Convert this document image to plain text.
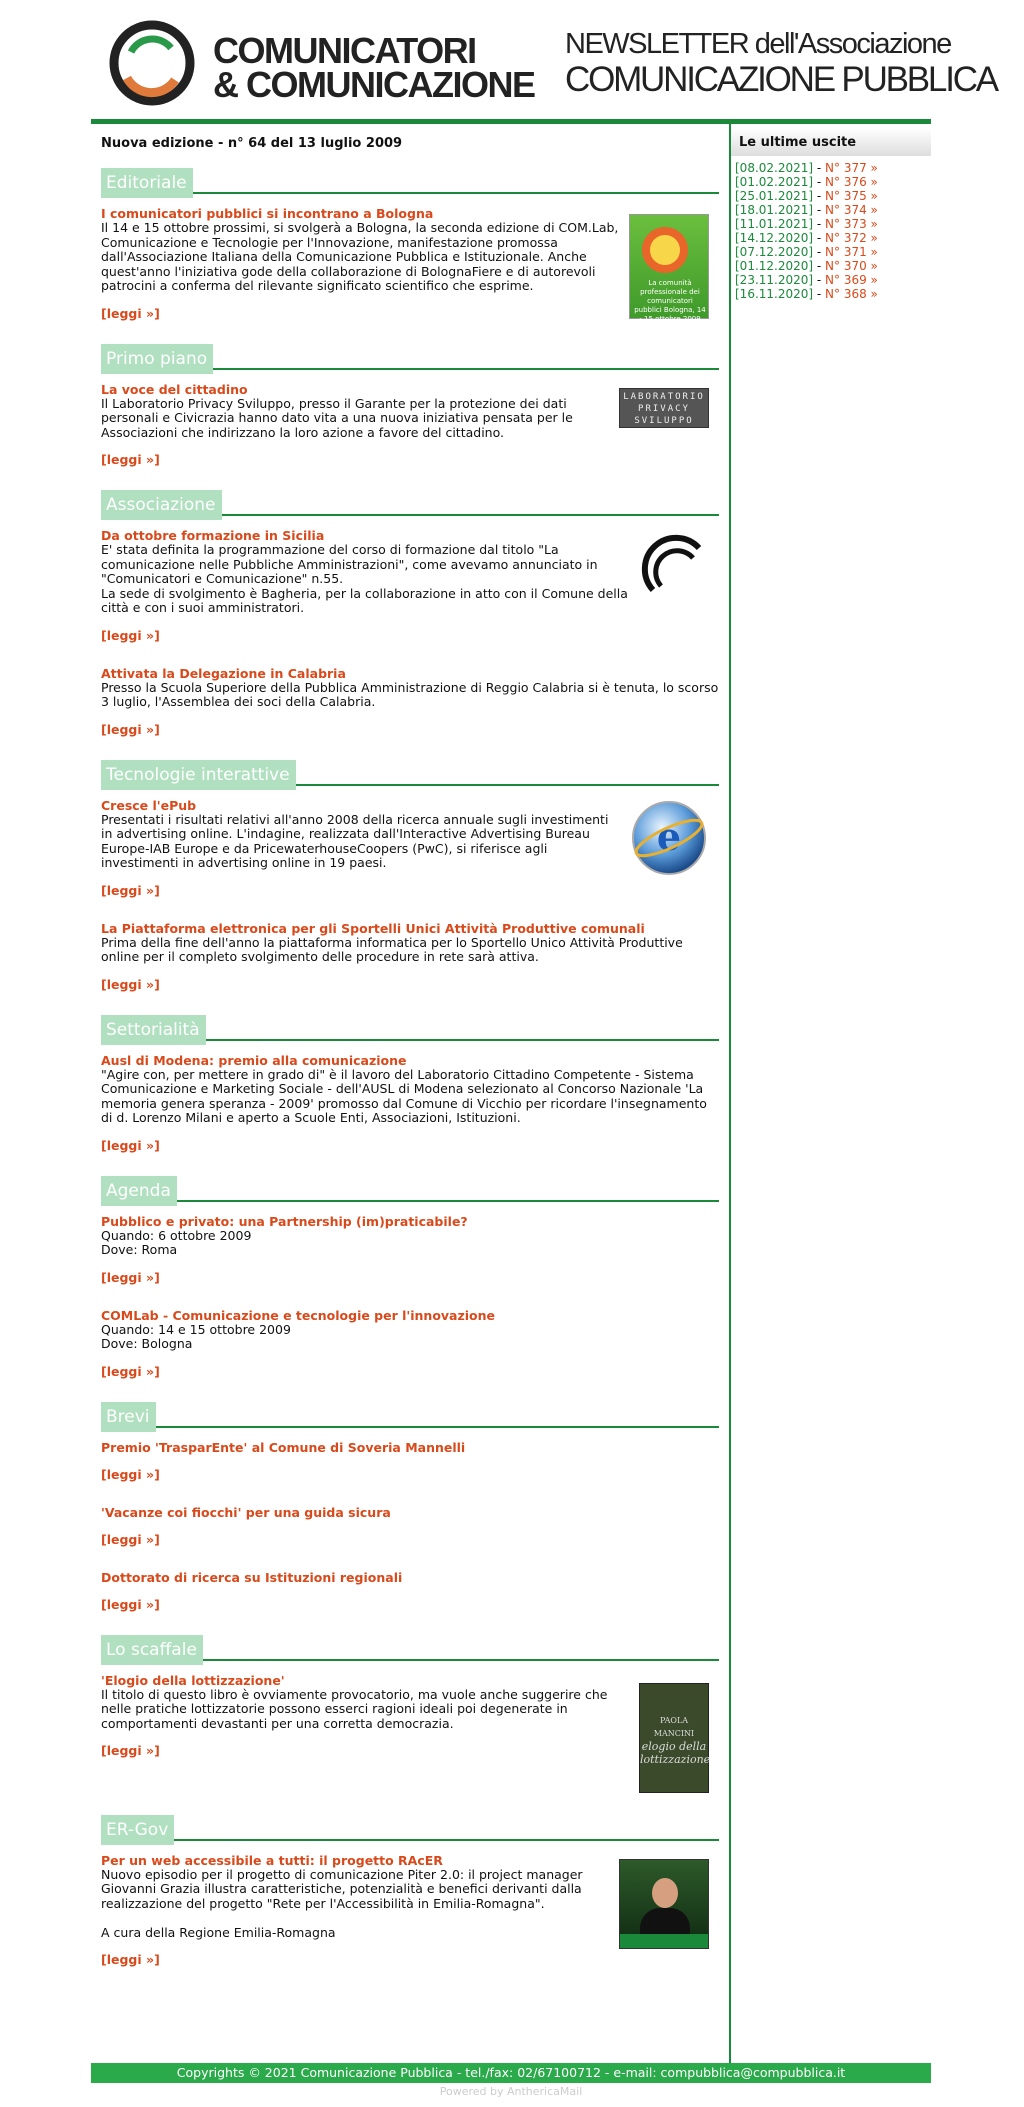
COMUNICATORI
& COMUNICAZIONE
NEWSLETTER dell'Associazione
COMUNICAZIONE PUBBLICA
Nuova edizione - n° 64 del 13 luglio 2009
Editoriale
La comunità professionale dei comunicatori pubblici Bologna, 14 - 15 ottobre 2009
I comunicatori pubblici si incontrano a Bologna
Il 14 e 15 ottobre prossimi, si svolgerà a Bologna, la seconda edizione di COM.Lab, Comunicazione e Tecnologie per l'Innovazione, manifestazione promossa dall'Associazione Italiana della Comunicazione Pubblica e Istituzionale. Anche quest'anno l'iniziativa gode della collaborazione di BolognaFiere e di autorevoli patrocini a conferma del rilevante significato scientifico che esprime.
[leggi »]
Primo piano
LABORATORIO
PRIVACY
SVILUPPO
La voce del cittadino
Il Laboratorio Privacy Sviluppo, presso il Garante per la protezione dei dati personali e Civicrazia hanno dato vita a una nuova iniziativa pensata per le Associazioni che indirizzano la loro azione a favore del cittadino.
[leggi »]
Associazione
Da ottobre formazione in Sicilia
E' stata definita la programmazione del corso di formazione dal titolo "La comunicazione nelle Pubbliche Amministrazioni", come avevamo annunciato in "Comunicatori e Comunicazione" n.55.
La sede di svolgimento è Bagheria, per la collaborazione in atto con il Comune della città e con i suoi amministratori.
[leggi »]
Attivata la Delegazione in Calabria
Presso la Scuola Superiore della Pubblica Amministrazione di Reggio Calabria si è tenuta, lo scorso 3 luglio, l'Assemblea dei soci della Calabria.
[leggi »]
Tecnologie interattive
e
Cresce l'ePub
Presentati i risultati relativi all'anno 2008 della ricerca annuale sugli investimenti in advertising online. L'indagine, realizzata dall'Interactive Advertising Bureau Europe-IAB Europe e da PricewaterhouseCoopers (PwC), si riferisce agli investimenti in advertising online in 19 paesi.
[leggi »]
La Piattaforma elettronica per gli Sportelli Unici Attività Produttive comunali
Prima della fine dell'anno la piattaforma informatica per lo Sportello Unico Attività Produttive online per il completo svolgimento delle procedure in rete sarà attiva.
[leggi »]
Settorialità
Ausl di Modena: premio alla comunicazione
"Agire con, per mettere in grado di" è il lavoro del Laboratorio Cittadino Competente - Sistema Comunicazione e Marketing Sociale - dell'AUSL di Modena selezionato al Concorso Nazionale 'La memoria genera speranza - 2009' promosso dal Comune di Vicchio per ricordare l'insegnamento di d. Lorenzo Milani e aperto a Scuole Enti, Associazioni, Istituzioni.
[leggi »]
Agenda
Pubblico e privato: una Partnership (im)praticabile?
Quando: 6 ottobre 2009
Dove: Roma
[leggi »]
COMLab - Comunicazione e tecnologie per l'innovazione
Quando: 14 e 15 ottobre 2009
Dove: Bologna
[leggi »]
Brevi
Premio 'TrasparEnte' al Comune di Soveria Mannelli
[leggi »]
'Vacanze coi fiocchi' per una guida sicura
[leggi »]
Dottorato di ricerca su Istituzioni regionali
[leggi »]
Lo scaffale
PAOLA MANCINI
elogio della lottizzazione
'Elogio della lottizzazione'
Il titolo di questo libro è ovviamente provocatorio, ma vuole anche suggerire che nelle pratiche lottizzatorie possono esserci ragioni ideali poi degenerate in comportamenti devastanti per una corretta democrazia.
[leggi »]
ER-Gov
Per un web accessibile a tutti: il progetto RAcER
Nuovo episodio per il progetto di comunicazione Piter 2.0: il project manager Giovanni Grazia illustra caratteristiche, potenzialità e benefici derivanti dalla realizzazione del progetto "Rete per l'Accessibilità in Emilia-Romagna".

A cura della Regione Emilia-Romagna
[leggi »]
Le ultime uscite
[08.02.2021] - N° 377 »
[01.02.2021] - N° 376 »
[25.01.2021] - N° 375 »
[18.01.2021] - N° 374 »
[11.01.2021] - N° 373 »
[14.12.2020] - N° 372 »
[07.12.2020] - N° 371 »
[01.12.2020] - N° 370 »
[23.11.2020] - N° 369 »
[16.11.2020] - N° 368 »
Copyrights © 2021 Comunicazione Pubblica - tel./fax: 02/67100712 - e-mail: compubblica@compubblica.it
Powered by AnthericaMail
